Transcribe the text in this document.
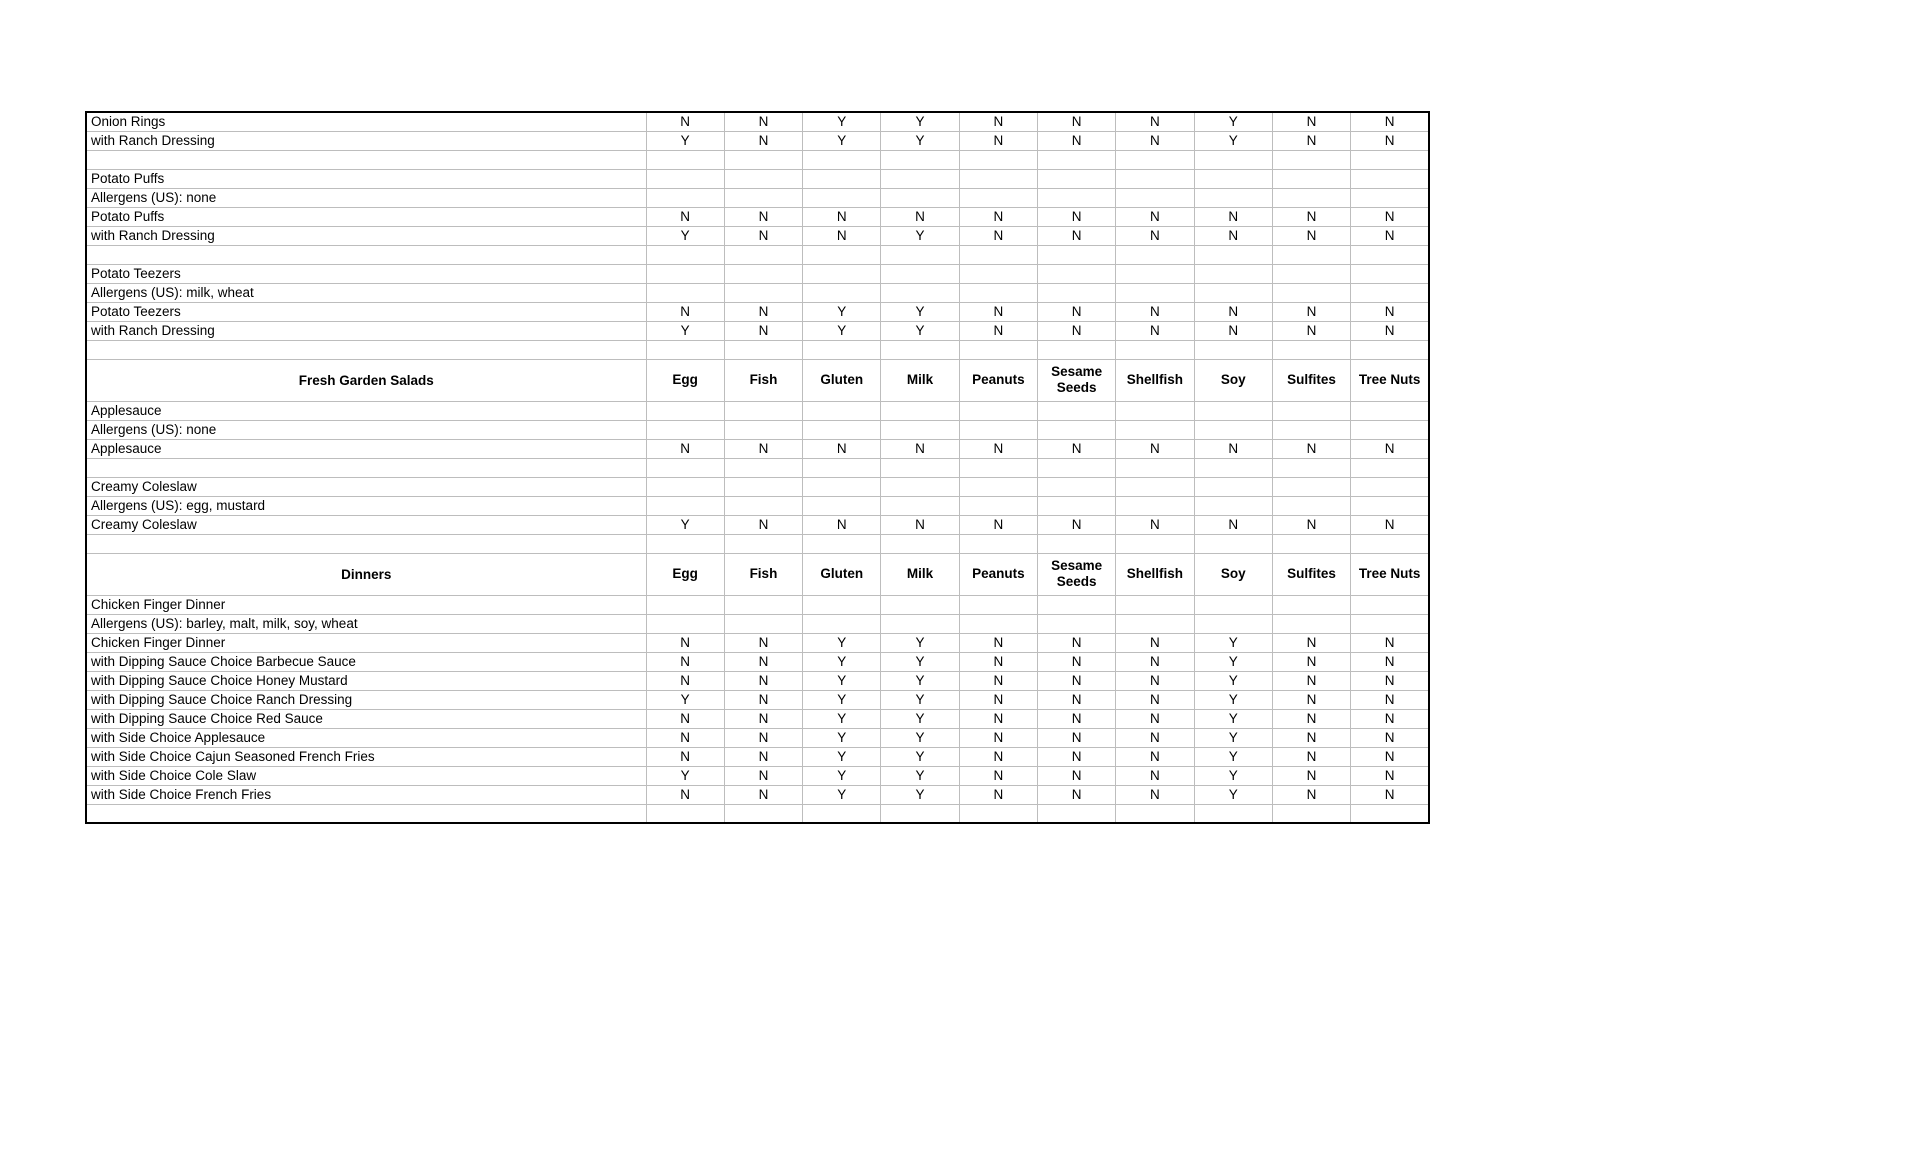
Onion Rings	N	N	Y	Y	N	N	N	Y	N	N
with Ranch Dressing	Y	N	Y	Y	N	N	N	Y	N	N

Potato Puffs										
Allergens (US): none										
Potato Puffs	N	N	N	N	N	N	N	N	N	N
with Ranch Dressing	Y	N	N	Y	N	N	N	N	N	N

Potato Teezers										
Allergens (US): milk, wheat										
Potato Teezers	N	N	Y	Y	N	N	N	N	N	N
with Ranch Dressing	Y	N	Y	Y	N	N	N	N	N	N

Fresh Garden Salads	Egg	Fish	Gluten	Milk	Peanuts	Sesame Seeds	Shellfish	Soy	Sulfites	Tree Nuts
Applesauce										
Allergens (US): none										
Applesauce	N	N	N	N	N	N	N	N	N	N

Creamy Coleslaw										
Allergens (US): egg, mustard										
Creamy Coleslaw	Y	N	N	N	N	N	N	N	N	N

Dinners	Egg	Fish	Gluten	Milk	Peanuts	Sesame Seeds	Shellfish	Soy	Sulfites	Tree Nuts
Chicken Finger Dinner										
Allergens (US): barley, malt, milk, soy, wheat										
Chicken Finger Dinner	N	N	Y	Y	N	N	N	Y	N	N
with Dipping Sauce Choice Barbecue Sauce	N	N	Y	Y	N	N	N	Y	N	N
with Dipping Sauce Choice Honey Mustard	N	N	Y	Y	N	N	N	Y	N	N
with Dipping Sauce Choice Ranch Dressing	Y	N	Y	Y	N	N	N	Y	N	N
with Dipping Sauce Choice Red Sauce	N	N	Y	Y	N	N	N	Y	N	N
with Side Choice Applesauce	N	N	Y	Y	N	N	N	Y	N	N
with Side Choice Cajun Seasoned French Fries	N	N	Y	Y	N	N	N	Y	N	N
with Side Choice Cole Slaw	Y	N	Y	Y	N	N	N	Y	N	N
with Side Choice French Fries	N	N	Y	Y	N	N	N	Y	N	N
